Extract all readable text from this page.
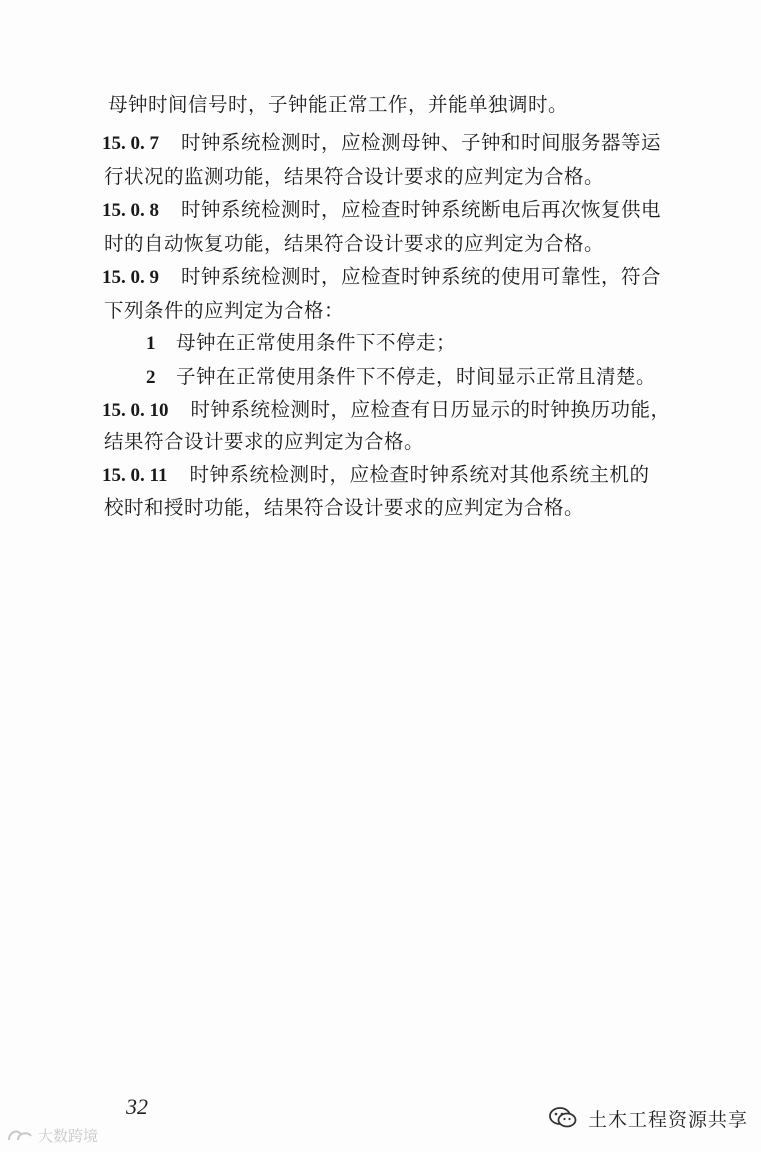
母钟时间信号时，子钟能正常工作，并能单独调时。
15. 0. 7 时钟系统检测时，应检测母钟、子钟和时间服务器等运
行状况的监测功能，结果符合设计要求的应判定为合格。
15. 0. 8 时钟系统检测时，应检查时钟系统断电后再次恢复供电
时的自动恢复功能，结果符合设计要求的应判定为合格。
15. 0. 9 时钟系统检测时，应检查时钟系统的使用可靠性，符合
下列条件的应判定为合格：
1 母钟在正常使用条件下不停走；
2 子钟在正常使用条件下不停走，时间显示正常且清楚。
15. 0. 10 时钟系统检测时，应检查有日历显示的时钟换历功能，
结果符合设计要求的应判定为合格。
15. 0. 11 时钟系统检测时，应检查时钟系统对其他系统主机的
校时和授时功能，结果符合设计要求的应判定为合格。
32
土木工程资源共享
大数跨境
